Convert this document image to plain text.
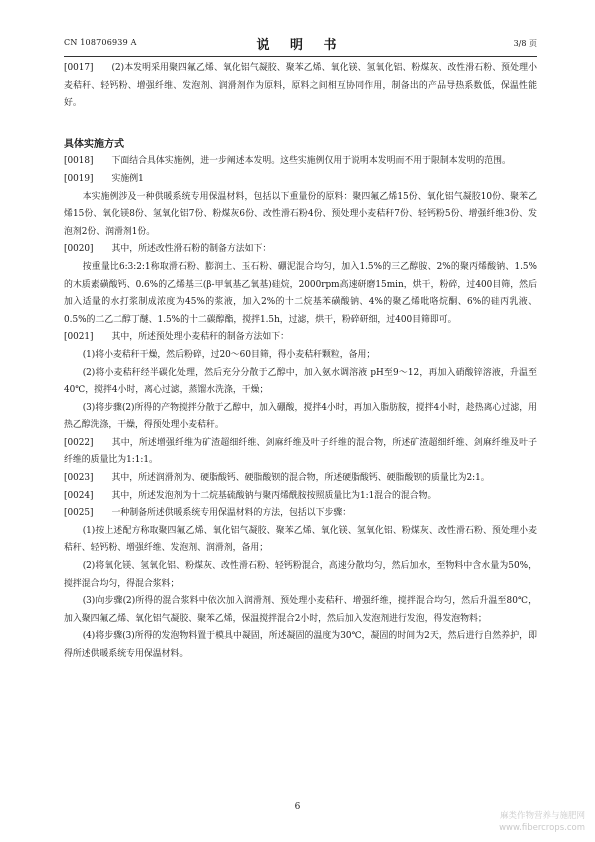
CN 108706939 A	说 明 书	3/8 页

[0017] (2)本发明采用聚四氟乙烯、氧化铝气凝胶、聚苯乙烯、氧化镁、氢氧化铝、粉煤灰、改性滑石粉、预处理小麦秸秆、轻钙粉、增强纤维、发泡剂、润滑剂作为原料，原料之间相互协同作用，制备出的产品导热系数低，保温性能好。

具体实施方式

[0018] 下面结合具体实施例，进一步阐述本发明。这些实施例仅用于说明本发明而不用于限制本发明的范围。

[0019] 实施例1

本实施例涉及一种供暖系统专用保温材料，包括以下重量份的原料：聚四氟乙烯15份、氧化铝气凝胶10份、聚苯乙烯15份、氧化镁8份、氢氧化铝7份、粉煤灰6份、改性滑石粉4份、预处理小麦秸秆7份、轻钙粉5份、增强纤维3份、发泡剂2份、润滑剂1份。

[0020] 其中，所述改性滑石粉的制备方法如下：

按重量比6:3:2:1称取滑石粉、膨润土、玉石粉、硼泥混合均匀，加入1.5%的三乙醇胺、2%的聚丙烯酸钠、1.5%的木质素磺酸钙、0.6%的乙烯基三(β-甲氧基乙氧基)硅烷，2000rpm高速研磨15min，烘干，粉碎，过400目筛，然后加入适量的水打浆制成浓度为45%的浆液，加入2%的十二烷基苯磺酸钠、4%的聚乙烯吡咯烷酮、6%的硅丙乳液、0.5%的二乙二醇丁醚、1.5%的十二碳醇酯，搅拌1.5h，过滤，烘干，粉碎研细，过400目筛即可。

[0021] 其中，所述预处理小麦秸秆的制备方法如下：

(1)将小麦秸秆干燥，然后粉碎，过20～60目筛，得小麦秸秆颗粒，备用；

(2)将小麦秸秆经半碳化处理，然后充分分散于乙醇中，加入氨水调溶液 pH至9～12，再加入硝酸锌溶液，升温至40℃，搅拌4小时，离心过滤，蒸馏水洗涤，干燥；

(3)将步骤(2)所得的产物搅拌分散于乙醇中，加入硼酸，搅拌4小时，再加入脂肪胺，搅拌4小时，趁热离心过滤，用热乙醇洗涤，干燥，得预处理小麦秸秆。

[0022] 其中，所述增强纤维为矿渣超细纤维、剑麻纤维及叶子纤维的混合物，所述矿渣超细纤维、剑麻纤维及叶子纤维的质量比为1:1:1。

[0023] 其中，所述润滑剂为、硬脂酸钙、硬脂酸钡的混合物，所述硬脂酸钙、硬脂酸钡的质量比为2:1。

[0024] 其中，所述发泡剂为十二烷基硫酸钠与聚丙烯酰胺按照质量比为1:1混合的混合物。

[0025] 一种制备所述供暖系统专用保温材料的方法，包括以下步骤：

(1)按上述配方称取聚四氟乙烯、氧化铝气凝胶、聚苯乙烯、氧化镁、氢氧化铝、粉煤灰、改性滑石粉、预处理小麦秸秆、轻钙粉、增强纤维、发泡剂、润滑剂，备用；

(2)将氧化镁、氢氧化铝、粉煤灰、改性滑石粉、轻钙粉混合，高速分散均匀，然后加水，至物料中含水量为50%，搅拌混合均匀，得混合浆料；

(3)向步骤(2)所得的混合浆料中依次加入润滑剂、预处理小麦秸秆、增强纤维，搅拌混合均匀，然后升温至80℃，加入聚四氟乙烯、氧化铝气凝胶、聚苯乙烯，保温搅拌混合2小时，然后加入发泡剂进行发泡，得发泡物料；

(4)将步骤(3)所得的发泡物料置于模具中凝固，所述凝固的温度为30℃，凝固的时间为2天，然后进行自然养护，即得所述供暖系统专用保温材料。

6
麻类作物营养与施肥网
www.fibercrops.com
